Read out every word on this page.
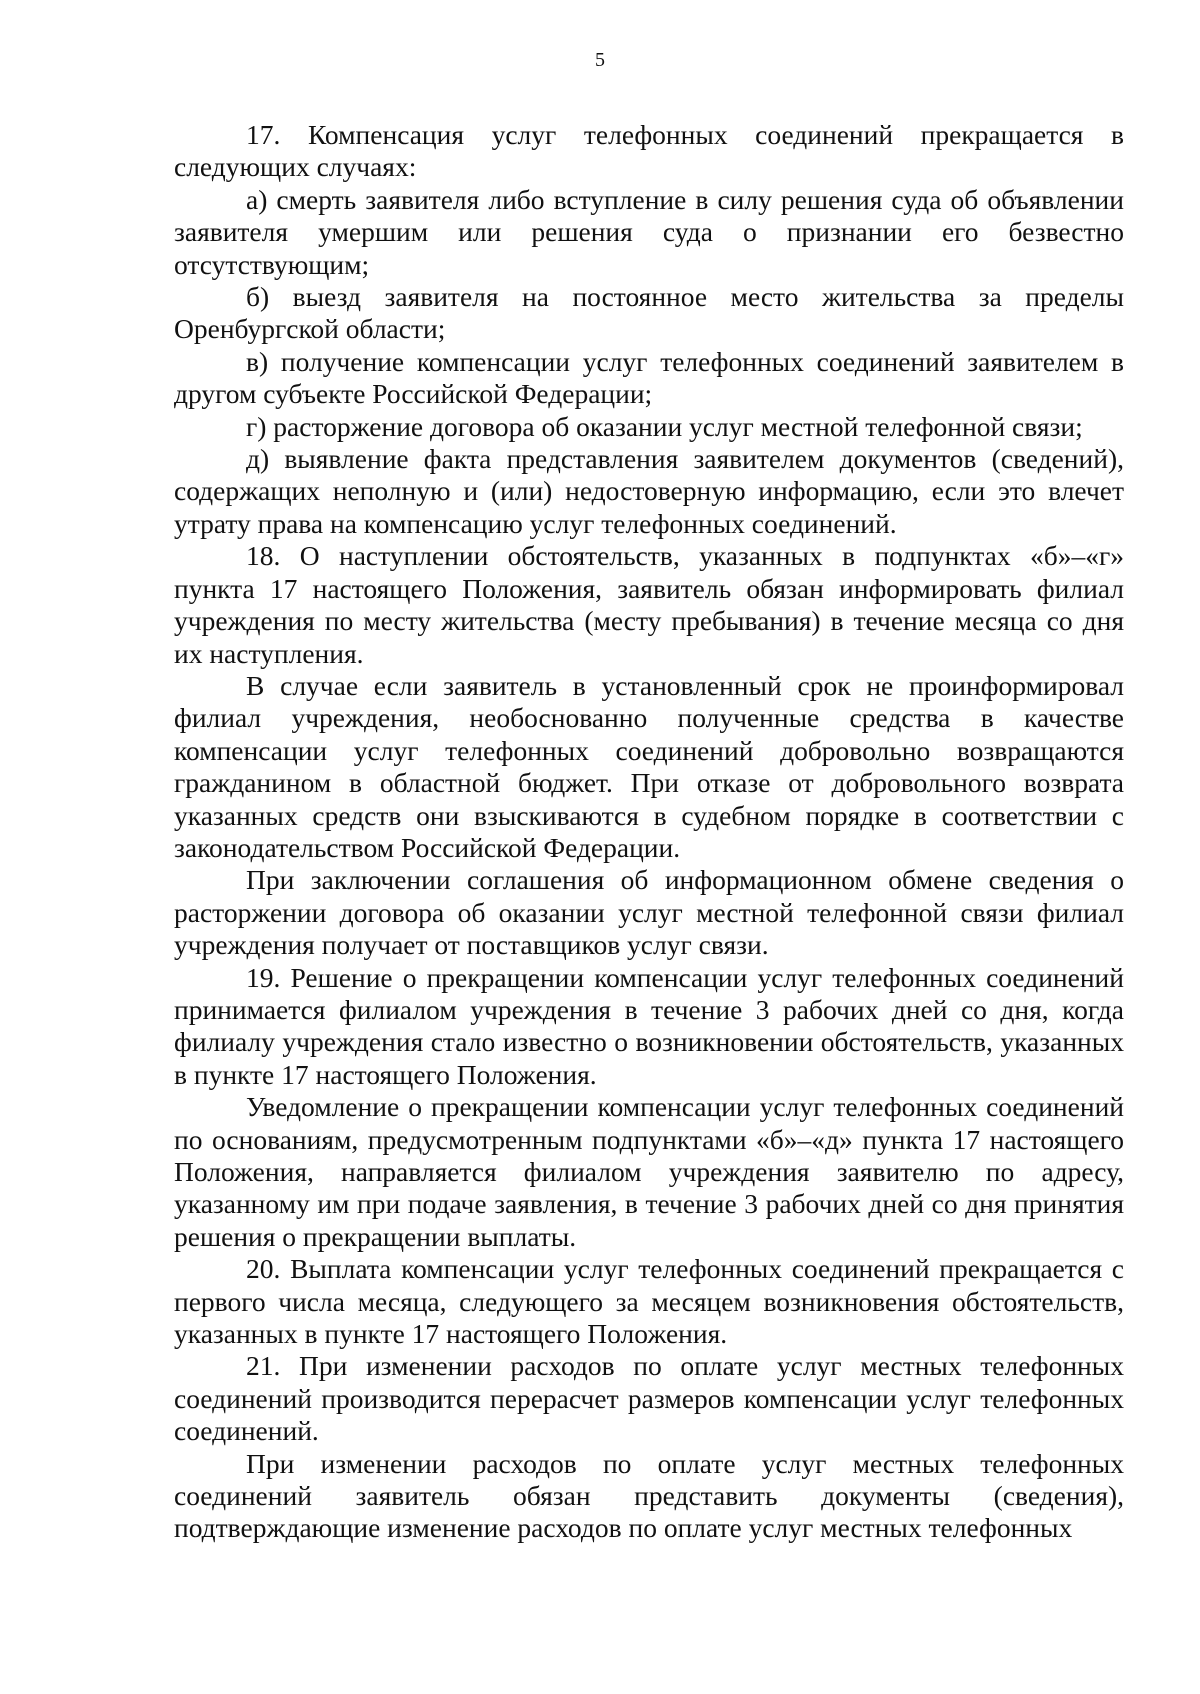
5

17. Компенсация услуг телефонных соединений прекращается в следующих случаях:

а) смерть заявителя либо вступление в силу решения суда об объявлении заявителя умершим или решения суда о признании его безвестно отсутствующим;

б) выезд заявителя на постоянное место жительства за пределы Оренбургской области;

в) получение компенсации услуг телефонных соединений заявителем в другом субъекте Российской Федерации;

г) расторжение договора об оказании услуг местной телефонной связи;

д) выявление факта представления заявителем документов (сведений), содержащих неполную и (или) недостоверную информацию, если это влечет утрату права на компенсацию услуг телефонных соединений.

18. О наступлении обстоятельств, указанных в подпунктах «б»–«г» пункта 17 настоящего Положения, заявитель обязан информировать филиал учреждения по месту жительства (месту пребывания) в течение месяца со дня их наступления.

В случае если заявитель в установленный срок не проинформировал филиал учреждения, необоснованно полученные средства в качестве компенсации услуг телефонных соединений добровольно возвращаются гражданином в областной бюджет. При отказе от добровольного возврата указанных средств они взыскиваются в судебном порядке в соответствии с законодательством Российской Федерации.

При заключении соглашения об информационном обмене сведения о расторжении договора об оказании услуг местной телефонной связи филиал учреждения получает от поставщиков услуг связи.

19. Решение о прекращении компенсации услуг телефонных соединений принимается филиалом учреждения в течение 3 рабочих дней со дня, когда филиалу учреждения стало известно о возникновении обстоятельств, указанных в пункте 17 настоящего Положения.

Уведомление о прекращении компенсации услуг телефонных соединений по основаниям, предусмотренным подпунктами «б»–«д» пункта 17 настоящего Положения, направляется филиалом учреждения заявителю по адресу, указанному им при подаче заявления, в течение 3 рабочих дней со дня принятия решения о прекращении выплаты.

20. Выплата компенсации услуг телефонных соединений прекращается с первого числа месяца, следующего за месяцем возникновения обстоятельств, указанных в пункте 17 настоящего Положения.

21. При изменении расходов по оплате услуг местных телефонных соединений производится перерасчет размеров компенсации услуг телефонных соединений.

При изменении расходов по оплате услуг местных телефонных соединений заявитель обязан представить документы (сведения), подтверждающие изменение расходов по оплате услуг местных телефонных
